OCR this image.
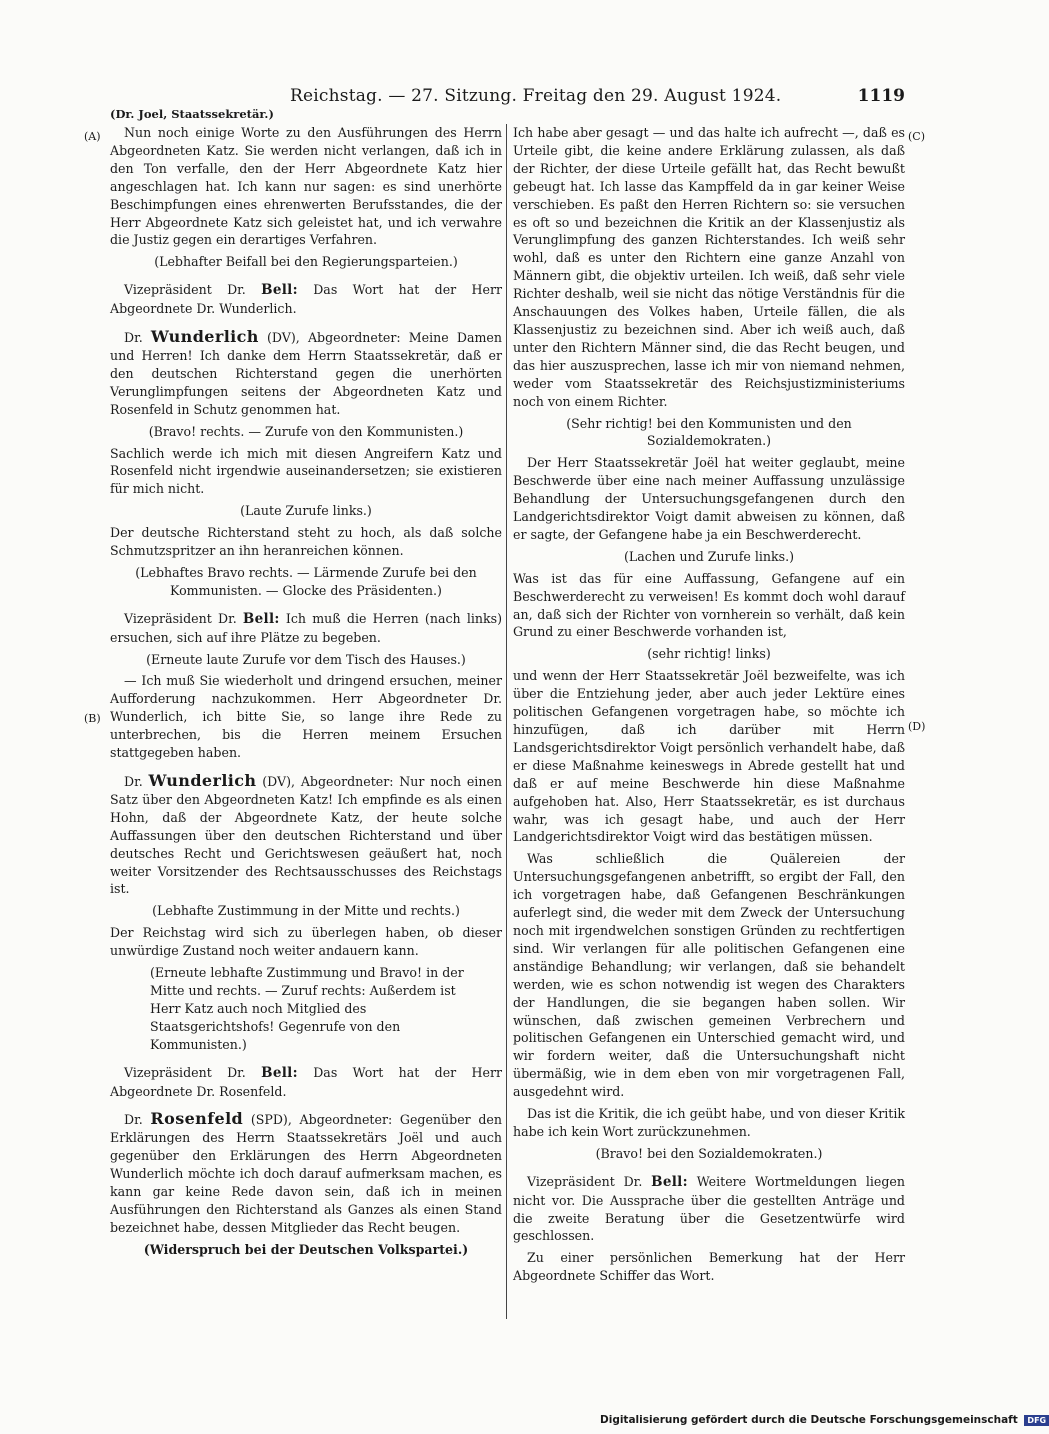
Reichstag. — 27. Sitzung. Freitag den 29. August 1924.	1119
(Dr. Joel, Staatssekretär.)
(A)
(B)
(C)
(D)

Nun noch einige Worte zu den Ausführungen des Herrn Abgeordneten Katz. Sie werden nicht verlangen, daß ich in den Ton verfalle, den der Herr Abgeordnete Katz hier angeschlagen hat. Ich kann nur sagen: es sind unerhörte Beschimpfungen eines ehrenwerten Berufsstandes, die der Herr Abgeordnete Katz sich geleistet hat, und ich verwahre die Justiz gegen ein derartiges Verfahren.

(Lebhafter Beifall bei den Regierungsparteien.)

Vizepräsident Dr. Bell: Das Wort hat der Herr Abgeordnete Dr. Wunderlich.

Dr. Wunderlich (DV), Abgeordneter: Meine Damen und Herren! Ich danke dem Herrn Staatssekretär, daß er den deutschen Richterstand gegen die unerhörten Verunglimpfungen seitens der Abgeordneten Katz und Rosenfeld in Schutz genommen hat.

(Bravo! rechts. — Zurufe von den Kommunisten.)

Sachlich werde ich mich mit diesen Angreifern Katz und Rosenfeld nicht irgendwie auseinandersetzen; sie existieren für mich nicht.

(Laute Zurufe links.)

Der deutsche Richterstand steht zu hoch, als daß solche Schmutzspritzer an ihn heranreichen können.

(Lebhaftes Bravo rechts. — Lärmende Zurufe bei den Kommunisten. — Glocke des Präsidenten.)

Vizepräsident Dr. Bell: Ich muß die Herren (nach links) ersuchen, sich auf ihre Plätze zu begeben.

(Erneute laute Zurufe vor dem Tisch des Hauses.)

— Ich muß Sie wiederholt und dringend ersuchen, meiner Aufforderung nachzukommen. Herr Abgeordneter Dr. Wunderlich, ich bitte Sie, so lange ihre Rede zu unterbrechen, bis die Herren meinem Ersuchen stattgegeben haben.

Dr. Wunderlich (DV), Abgeordneter: Nur noch einen Satz über den Abgeordneten Katz! Ich empfinde es als einen Hohn, daß der Abgeordnete Katz, der heute solche Auffassungen über den deutschen Richterstand und über deutsches Recht und Gerichtswesen geäußert hat, noch weiter Vorsitzender des Rechtsausschusses des Reichstags ist.

(Lebhafte Zustimmung in der Mitte und rechts.)

Der Reichstag wird sich zu überlegen haben, ob dieser unwürdige Zustand noch weiter andauern kann.

(Erneute lebhafte Zustimmung und Bravo! in der Mitte und rechts. — Zuruf rechts: Außerdem ist Herr Katz auch noch Mitglied des Staatsgerichtshofs! Gegenrufe von den Kommunisten.)

Vizepräsident Dr. Bell: Das Wort hat der Herr Abgeordnete Dr. Rosenfeld.

Dr. Rosenfeld (SPD), Abgeordneter: Gegenüber den Erklärungen des Herrn Staatssekretärs Joël und auch gegenüber den Erklärungen des Herrn Abgeordneten Wunderlich möchte ich doch darauf aufmerksam machen, es kann gar keine Rede davon sein, daß ich in meinen Ausführungen den Richterstand als Ganzes als einen Stand bezeichnet habe, dessen Mitglieder das Recht beugen.

(Widerspruch bei der Deutschen Volkspartei.)

Ich habe aber gesagt — und das halte ich aufrecht —, daß es Urteile gibt, die keine andere Erklärung zulassen, als daß der Richter, der diese Urteile gefällt hat, das Recht bewußt gebeugt hat. Ich lasse das Kampffeld da in gar keiner Weise verschieben. Es paßt den Herren Richtern so: sie versuchen es oft so und bezeichnen die Kritik an der Klassenjustiz als Verunglimpfung des ganzen Richterstandes. Ich weiß sehr wohl, daß es unter den Richtern eine ganze Anzahl von Männern gibt, die objektiv urteilen. Ich weiß, daß sehr viele Richter deshalb, weil sie nicht das nötige Verständnis für die Anschauungen des Volkes haben, Urteile fällen, die als Klassenjustiz zu bezeichnen sind. Aber ich weiß auch, daß unter den Richtern Männer sind, die das Recht beugen, und das hier auszusprechen, lasse ich mir von niemand nehmen, weder vom Staatssekretär des Reichsjustizministeriums noch von einem Richter.

(Sehr richtig! bei den Kommunisten und den Sozialdemokraten.)

Der Herr Staatssekretär Joël hat weiter geglaubt, meine Beschwerde über eine nach meiner Auffassung unzulässige Behandlung der Untersuchungsgefangenen durch den Landgerichtsdirektor Voigt damit abweisen zu können, daß er sagte, der Gefangene habe ja ein Beschwerderecht.

(Lachen und Zurufe links.)

Was ist das für eine Auffassung, Gefangene auf ein Beschwerderecht zu verweisen! Es kommt doch wohl darauf an, daß sich der Richter von vornherein so verhält, daß kein Grund zu einer Beschwerde vorhanden ist,

(sehr richtig! links)

und wenn der Herr Staatssekretär Joël bezweifelte, was ich über die Entziehung jeder, aber auch jeder Lektüre eines politischen Gefangenen vorgetragen habe, so möchte ich hinzufügen, daß ich darüber mit Herrn Landsgerichtsdirektor Voigt persönlich verhandelt habe, daß er diese Maßnahme keineswegs in Abrede gestellt hat und daß er auf meine Beschwerde hin diese Maßnahme aufgehoben hat. Also, Herr Staatssekretär, es ist durchaus wahr, was ich gesagt habe, und auch der Herr Landgerichtsdirektor Voigt wird das bestätigen müssen.

Was schließlich die Quälereien der Untersuchungsgefangenen anbetrifft, so ergibt der Fall, den ich vorgetragen habe, daß Gefangenen Beschränkungen auferlegt sind, die weder mit dem Zweck der Untersuchung noch mit irgendwelchen sonstigen Gründen zu rechtfertigen sind. Wir verlangen für alle politischen Gefangenen eine anständige Behandlung; wir verlangen, daß sie behandelt werden, wie es schon notwendig ist wegen des Charakters der Handlungen, die sie begangen haben sollen. Wir wünschen, daß zwischen gemeinen Verbrechern und politischen Gefangenen ein Unterschied gemacht wird, und wir fordern weiter, daß die Untersuchungshaft nicht übermäßig, wie in dem eben von mir vorgetragenen Fall, ausgedehnt wird.

Das ist die Kritik, die ich geübt habe, und von dieser Kritik habe ich kein Wort zurückzunehmen.

(Bravo! bei den Sozialdemokraten.)

Vizepräsident Dr. Bell: Weitere Wortmeldungen liegen nicht vor. Die Aussprache über die gestellten Anträge und die zweite Beratung über die Gesetzentwürfe wird geschlossen.

Zu einer persönlichen Bemerkung hat der Herr Abgeordnete Schiffer das Wort.

Digitalisierung gefördert durch die Deutsche Forschungsgemeinschaft DFG
